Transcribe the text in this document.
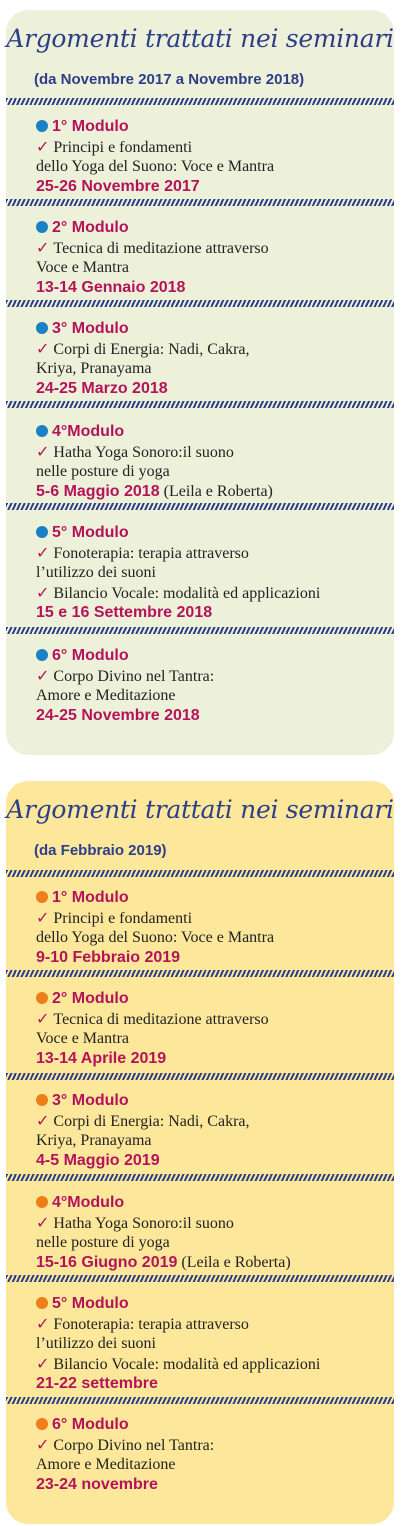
Argomenti trattati nei seminari
(da Novembre 2017 a Novembre 2018)
1° Modulo
✓ Principi e fondamenti
dello Yoga del Suono: Voce e Mantra
25-26 Novembre 2017
2° Modulo
✓ Tecnica di meditazione attraverso
Voce e Mantra
13-14 Gennaio 2018
3° Modulo
✓ Corpi di Energia: Nadi, Cakra,
Kriya, Pranayama
24-25 Marzo 2018
4°Modulo
✓ Hatha Yoga Sonoro:il suono
nelle posture di yoga
5-6 Maggio 2018 (Leila e Roberta)
5° Modulo
✓ Fonoterapia: terapia attraverso
l’utilizzo dei suoni
✓ Bilancio Vocale: modalità ed applicazioni
15 e 16 Settembre 2018
6° Modulo
✓ Corpo Divino nel Tantra:
Amore e Meditazione
24-25 Novembre 2018
Argomenti trattati nei seminari
(da Febbraio 2019)
1° Modulo
✓ Principi e fondamenti
dello Yoga del Suono: Voce e Mantra
9-10 Febbraio 2019
2° Modulo
✓ Tecnica di meditazione attraverso
Voce e Mantra
13-14 Aprile 2019
3° Modulo
✓ Corpi di Energia: Nadi, Cakra,
Kriya, Pranayama
4-5 Maggio 2019
4°Modulo
✓ Hatha Yoga Sonoro:il suono
nelle posture di yoga
15-16 Giugno 2019 (Leila e Roberta)
5° Modulo
✓ Fonoterapia: terapia attraverso
l’utilizzo dei suoni
✓ Bilancio Vocale: modalità ed applicazioni
21-22 settembre
6° Modulo
✓ Corpo Divino nel Tantra:
Amore e Meditazione
23-24 novembre
